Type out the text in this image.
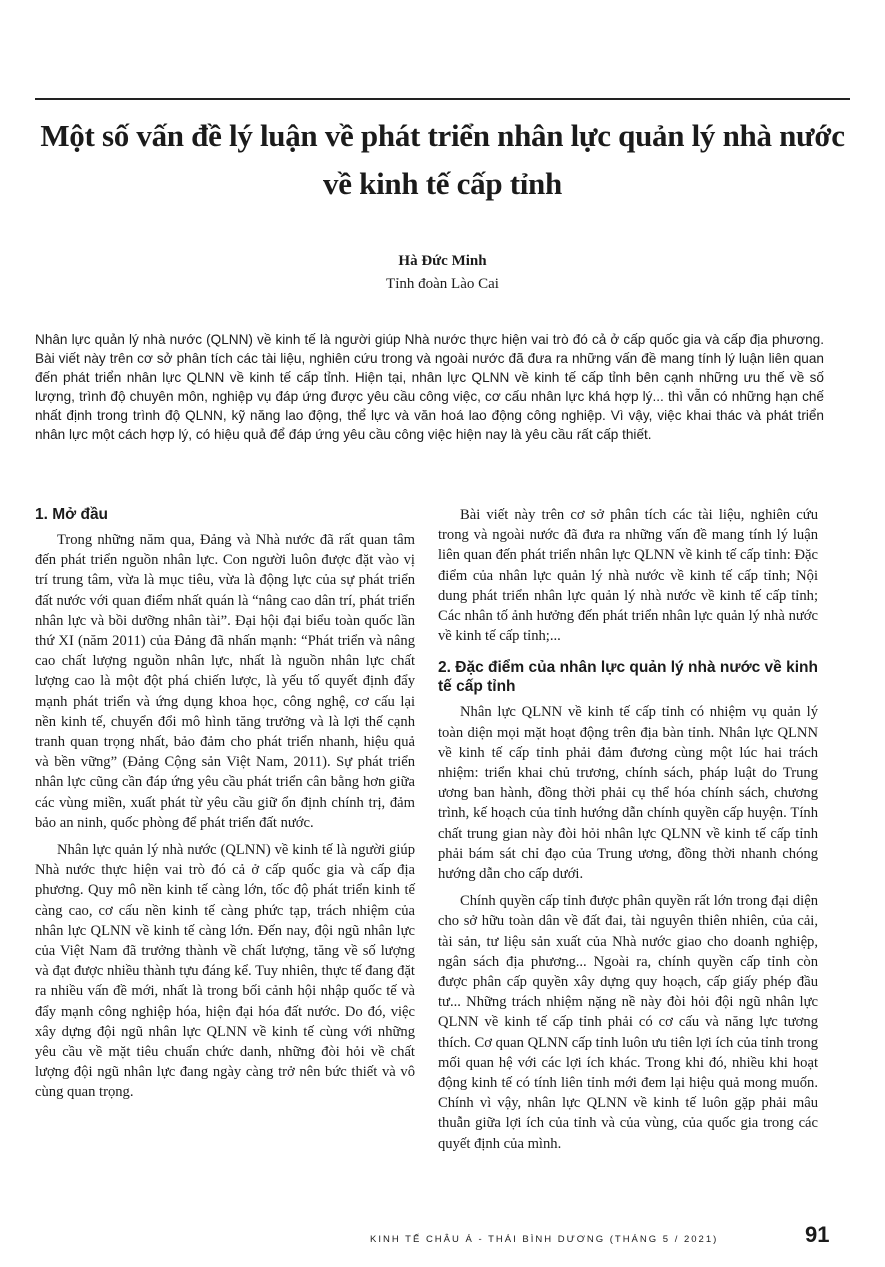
Một số vấn đề lý luận về phát triển nhân lực quản lý nhà nước về kinh tế cấp tỉnh
Hà Đức Minh
Tỉnh đoàn Lào Cai
Nhân lực quản lý nhà nước (QLNN) về kinh tế là người giúp Nhà nước thực hiện vai trò đó cả ở cấp quốc gia và cấp địa phương. Bài viết này trên cơ sở phân tích các tài liệu, nghiên cứu trong và ngoài nước đã đưa ra những vấn đề mang tính lý luận liên quan đến phát triển nhân lực QLNN về kinh tế cấp tỉnh. Hiện tại, nhân lực QLNN về kinh tế cấp tỉnh bên cạnh những ưu thế về số lượng, trình độ chuyên môn, nghiệp vụ đáp ứng được yêu cầu công việc, cơ cấu nhân lực khá hợp lý... thì vẫn có những hạn chế nhất định trong trình độ QLNN, kỹ năng lao động, thể lực và văn hoá lao động công nghiệp. Vì vậy, việc khai thác và phát triển nhân lực một cách hợp lý, có hiệu quả để đáp ứng yêu cầu công việc hiện nay là yêu cầu rất cấp thiết.
1. Mở đầu

Trong những năm qua, Đảng và Nhà nước đã rất quan tâm đến phát triển nguồn nhân lực. Con người luôn được đặt vào vị trí trung tâm, vừa là mục tiêu, vừa là động lực của sự phát triển đất nước với quan điểm nhất quán là “nâng cao dân trí, phát triển nhân lực và bồi dưỡng nhân tài”. Đại hội đại biểu toàn quốc lần thứ XI (năm 2011) của Đảng đã nhấn mạnh: “Phát triển và nâng cao chất lượng nguồn nhân lực, nhất là nguồn nhân lực chất lượng cao là một đột phá chiến lược, là yếu tố quyết định đẩy mạnh phát triển và ứng dụng khoa học, công nghệ, cơ cấu lại nền kinh tế, chuyển đổi mô hình tăng trưởng và là lợi thế cạnh tranh quan trọng nhất, bảo đảm cho phát triển nhanh, hiệu quả và bền vững” (Đảng Cộng sản Việt Nam, 2011). Sự phát triển nhân lực cũng cần đáp ứng yêu cầu phát triển cân bằng hơn giữa các vùng miền, xuất phát từ yêu cầu giữ ổn định chính trị, đảm bảo an ninh, quốc phòng để phát triển đất nước.

Nhân lực quản lý nhà nước (QLNN) về kinh tế là người giúp Nhà nước thực hiện vai trò đó cả ở cấp quốc gia và cấp địa phương. Quy mô nền kinh tế càng lớn, tốc độ phát triển kinh tế càng cao, cơ cấu nền kinh tế càng phức tạp, trách nhiệm của nhân lực QLNN về kinh tế càng lớn. Đến nay, đội ngũ nhân lực của Việt Nam đã trưởng thành về chất lượng, tăng về số lượng và đạt được nhiều thành tựu đáng kể. Tuy nhiên, thực tế đang đặt ra nhiều vấn đề mới, nhất là trong bối cảnh hội nhập quốc tế và đẩy mạnh công nghiệp hóa, hiện đại hóa đất nước. Do đó, việc xây dựng đội ngũ nhân lực QLNN về kinh tế cùng với những yêu cầu về mặt tiêu chuẩn chức danh, những đòi hỏi về chất lượng đội ngũ nhân lực đang ngày càng trở nên bức thiết và vô cùng quan trọng.

Bài viết này trên cơ sở phân tích các tài liệu, nghiên cứu trong và ngoài nước đã đưa ra những vấn đề mang tính lý luận liên quan đến phát triển nhân lực QLNN về kinh tế cấp tỉnh: Đặc điểm của nhân lực quản lý nhà nước về kinh tế cấp tỉnh; Nội dung phát triển nhân lực quản lý nhà nước về kinh tế cấp tỉnh; Các nhân tố ảnh hưởng đến phát triển nhân lực quản lý nhà nước về kinh tế cấp tỉnh;...

2. Đặc điểm của nhân lực quản lý nhà nước về kinh tế cấp tỉnh

Nhân lực QLNN về kinh tế cấp tỉnh có nhiệm vụ quản lý toàn diện mọi mặt hoạt động trên địa bàn tỉnh. Nhân lực QLNN về kinh tế cấp tỉnh phải đảm đương cùng một lúc hai trách nhiệm: triển khai chủ trương, chính sách, pháp luật do Trung ương ban hành, đồng thời phải cụ thể hóa chính sách, chương trình, kế hoạch của tỉnh hướng dẫn chính quyền cấp huyện. Tính chất trung gian này đòi hỏi nhân lực QLNN về kinh tế cấp tỉnh phải bám sát chỉ đạo của Trung ương, đồng thời nhanh chóng hướng dẫn cho cấp dưới.

Chính quyền cấp tỉnh được phân quyền rất lớn trong đại diện cho sở hữu toàn dân về đất đai, tài nguyên thiên nhiên, của cải, tài sản, tư liệu sản xuất của Nhà nước giao cho doanh nghiệp, ngân sách địa phương... Ngoài ra, chính quyền cấp tỉnh còn được phân cấp quyền xây dựng quy hoạch, cấp giấy phép đầu tư... Những trách nhiệm nặng nề này đòi hỏi đội ngũ nhân lực QLNN về kinh tế cấp tỉnh phải có cơ cấu và năng lực tương thích. Cơ quan QLNN cấp tỉnh luôn ưu tiên lợi ích của tỉnh trong mối quan hệ với các lợi ích khác. Trong khi đó, nhiều khi hoạt động kinh tế có tính liên tỉnh mới đem lại hiệu quả mong muốn. Chính vì vậy, nhân lực QLNN về kinh tế luôn gặp phải mâu thuẫn giữa lợi ích của tỉnh và của vùng, của quốc gia trong các quyết định của mình.

KINH TẾ CHÂU Á - THÁI BÌNH DƯƠNG (THÁNG 5 / 2021)	91
